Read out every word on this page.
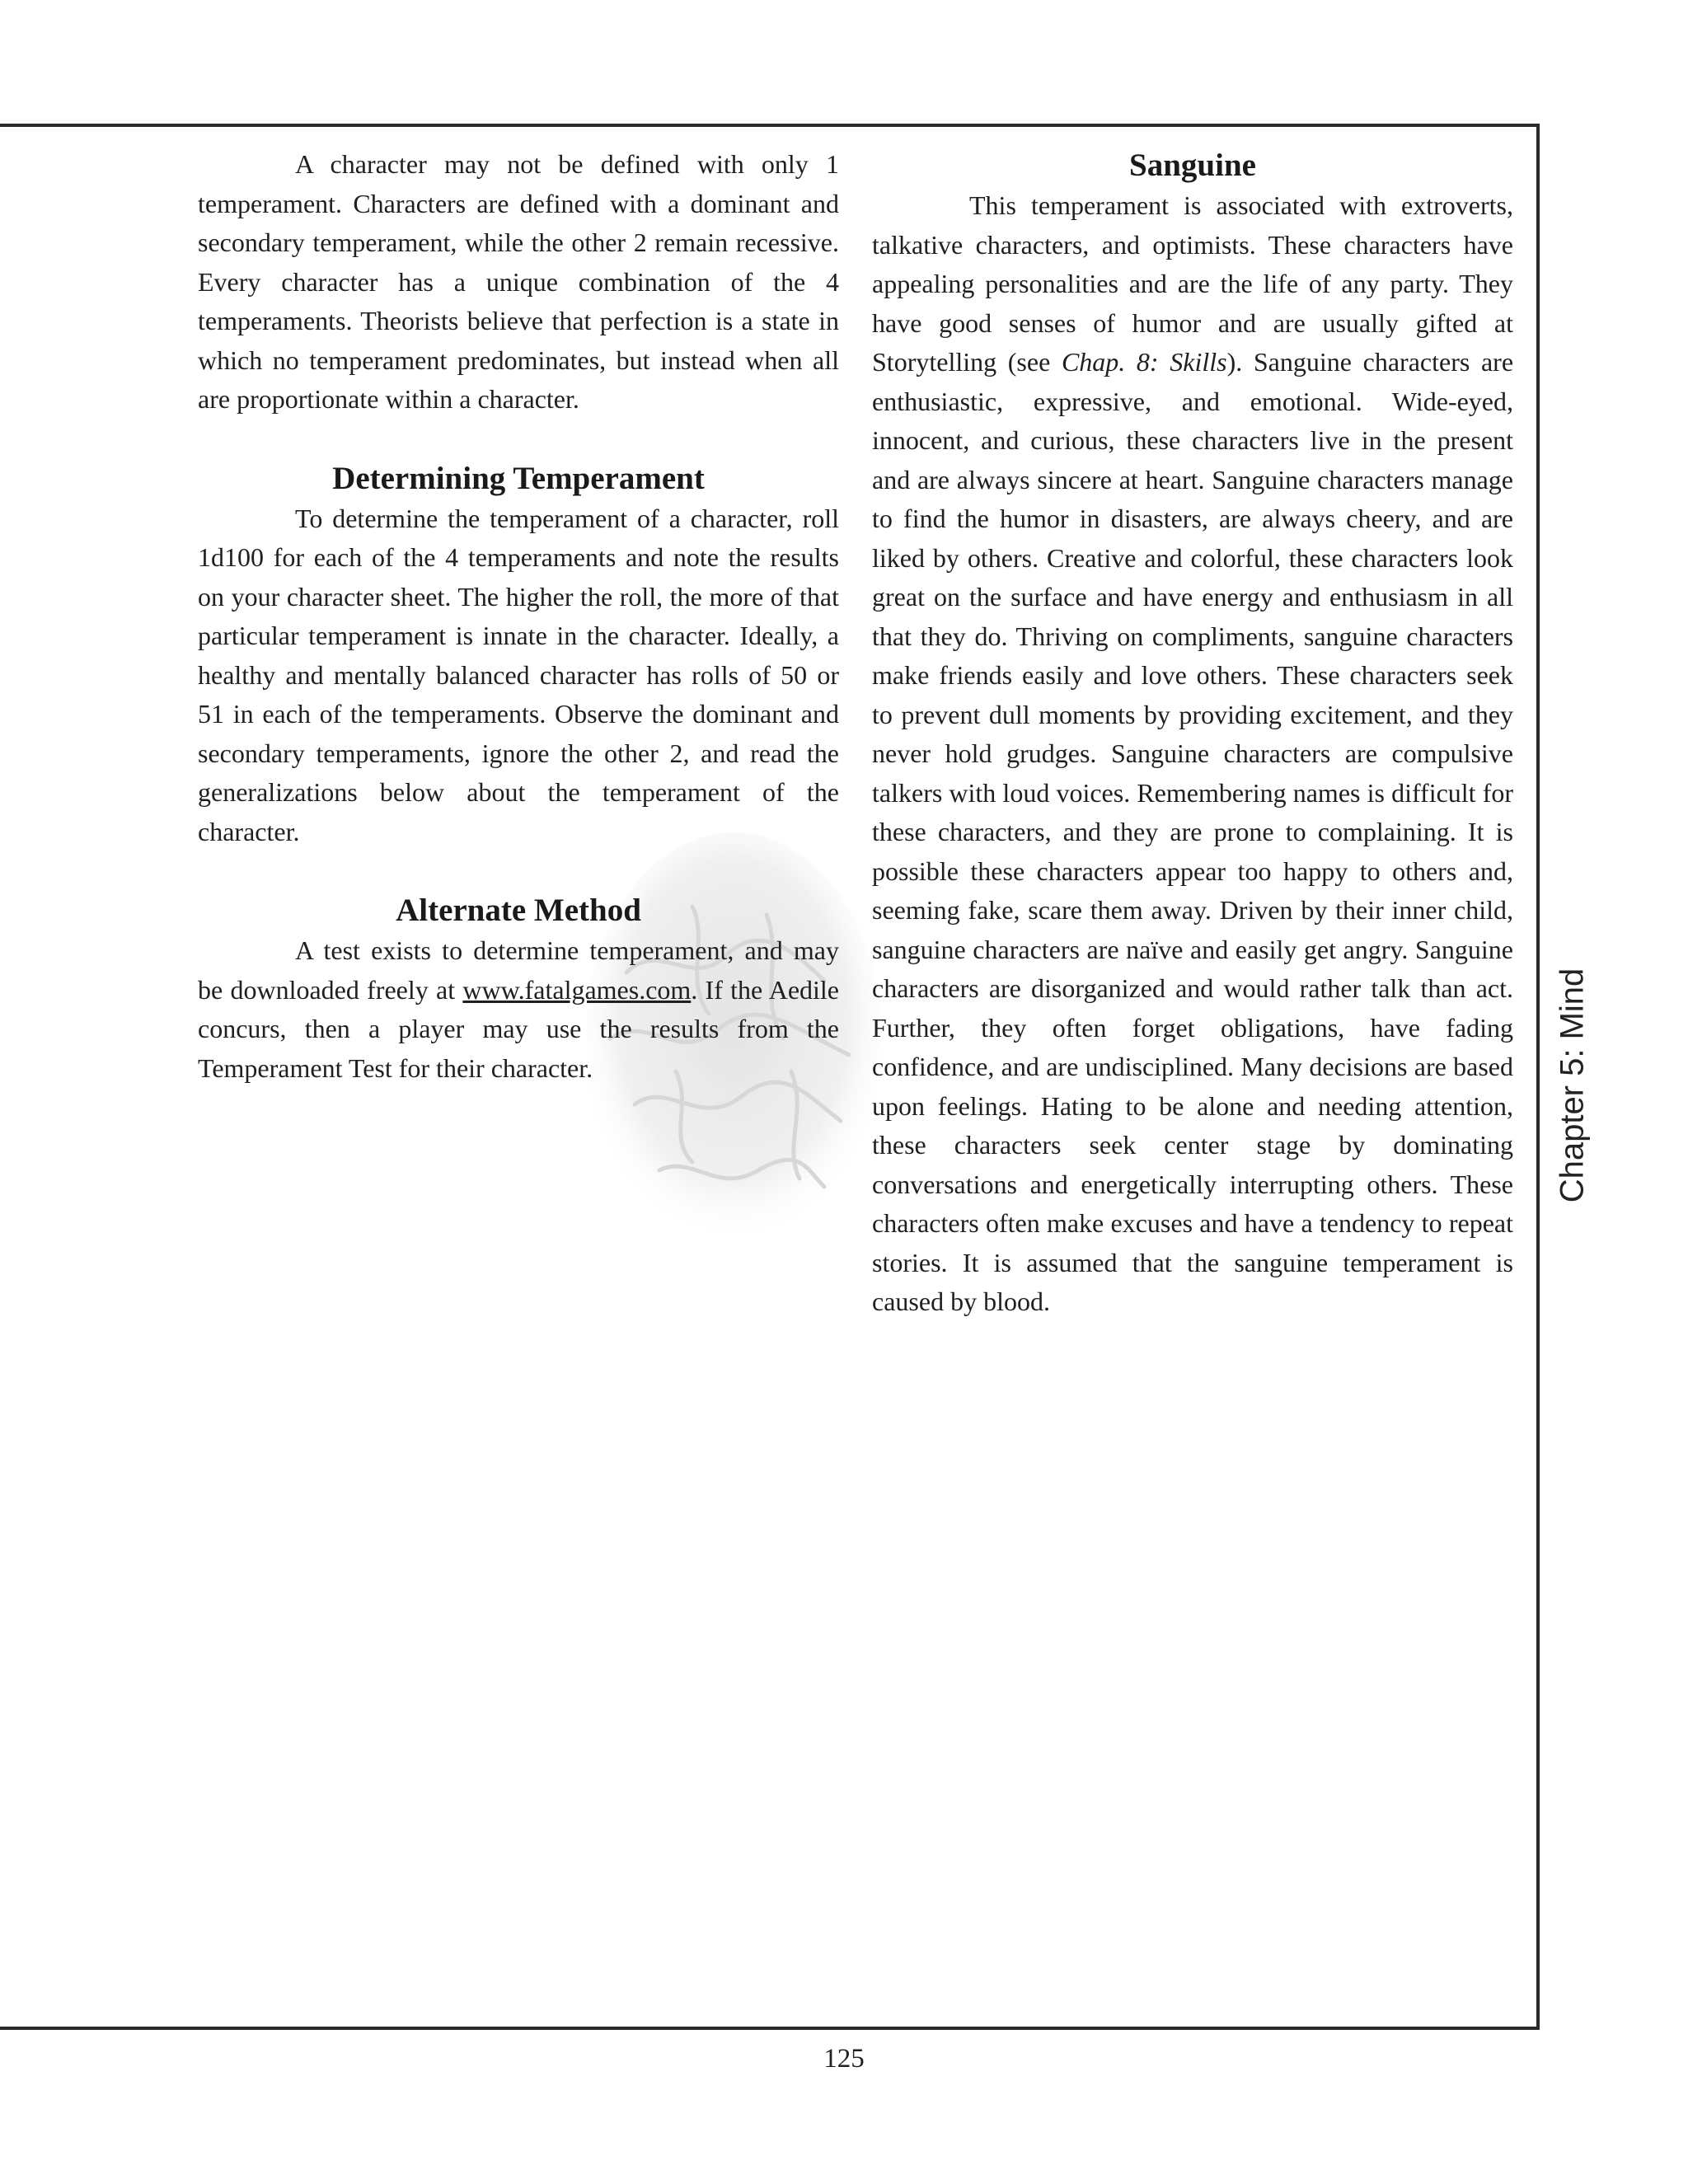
A character may not be defined with only 1 temperament. Characters are defined with a dominant and secondary temperament, while the other 2 remain recessive. Every character has a unique combination of the 4 temperaments. Theorists believe that perfection is a state in which no temperament predominates, but instead when all are proportionate within a character.

Determining Temperament

To determine the temperament of a character, roll 1d100 for each of the 4 temperaments and note the results on your character sheet. The higher the roll, the more of that particular temperament is innate in the character. Ideally, a healthy and mentally balanced character has rolls of 50 or 51 in each of the temperaments. Observe the dominant and secondary temperaments, ignore the other 2, and read the generalizations below about the temperament of the character.

Alternate Method

A test exists to determine temperament, and may be downloaded freely at www.fatalgames.com. If the Aedile concurs, then a player may use the results from the Temperament Test for their character.

Sanguine

This temperament is associated with extroverts, talkative characters, and optimists. These characters have appealing personalities and are the life of any party. They have good senses of humor and are usually gifted at Storytelling (see Chap. 8: Skills). Sanguine characters are enthusiastic, expressive, and emotional. Wide-eyed, innocent, and curious, these characters live in the present and are always sincere at heart. Sanguine characters manage to find the humor in disasters, are always cheery, and are liked by others. Creative and colorful, these characters look great on the surface and have energy and enthusiasm in all that they do. Thriving on compliments, sanguine characters make friends easily and love others. These characters seek to prevent dull moments by providing excitement, and they never hold grudges. Sanguine characters are compulsive talkers with loud voices. Remembering names is difficult for these characters, and they are prone to complaining. It is possible these characters appear too happy to others and, seeming fake, scare them away. Driven by their inner child, sanguine characters are naïve and easily get angry. Sanguine characters are disorganized and would rather talk than act. Further, they often forget obligations, have fading confidence, and are undisciplined. Many decisions are based upon feelings. Hating to be alone and needing attention, these characters seek center stage by dominating conversations and energetically interrupting others. These characters often make excuses and have a tendency to repeat stories. It is assumed that the sanguine temperament is caused by blood.

Chapter 5: Mind
125
